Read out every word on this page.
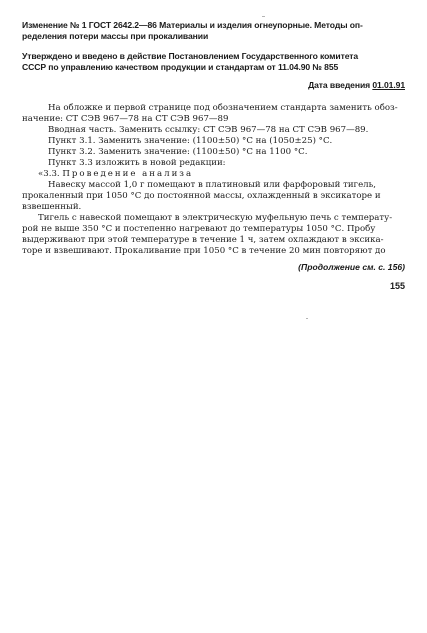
Изменение № 1 ГОСТ 2642.2—86 Материалы и изделия огнеупорные. Методы оп-
ределения потери массы при прокаливании
Утверждено и введено в действие Постановлением Государственного комитета
СССР по управлению качеством продукции и стандартам от 11.04.90 № 855
Дата введения 01.01.91
На обложке и первой странице под обозначением стандарта заменить обоз-
начение: СТ СЭВ 967—78 на СТ СЭВ 967—89
Вводная часть. Заменить ссылку: СТ СЭВ 967—78 на СТ СЭВ 967—89.
Пункт 3.1. Заменить значение: (1100±50) °С на (1050±25) °С.
Пункт 3.2. Заменить значение: (1100±50) °С на 1100 °С.
Пункт 3.3 изложить в новой редакции:
«3.3. Проведение анализа
Навеску массой 1,0 г помещают в платиновый или фарфоровый тигель,
прокаленный при 1050 °С до постоянной массы, охлажденный в эксикаторе и
взвешенный.
Тигель с навеской помещают в электрическую муфельную печь с температу-
рой не выше 350 °С и постепенно нагревают до температуры 1050 °С. Пробу
выдерживают при этой температуре в течение 1 ч, затем охлаждают в эксика-
торе и взвешивают. Прокаливание при 1050 °С в течение 20 мин повторяют до
(Продолжение см. с. 156)
155
